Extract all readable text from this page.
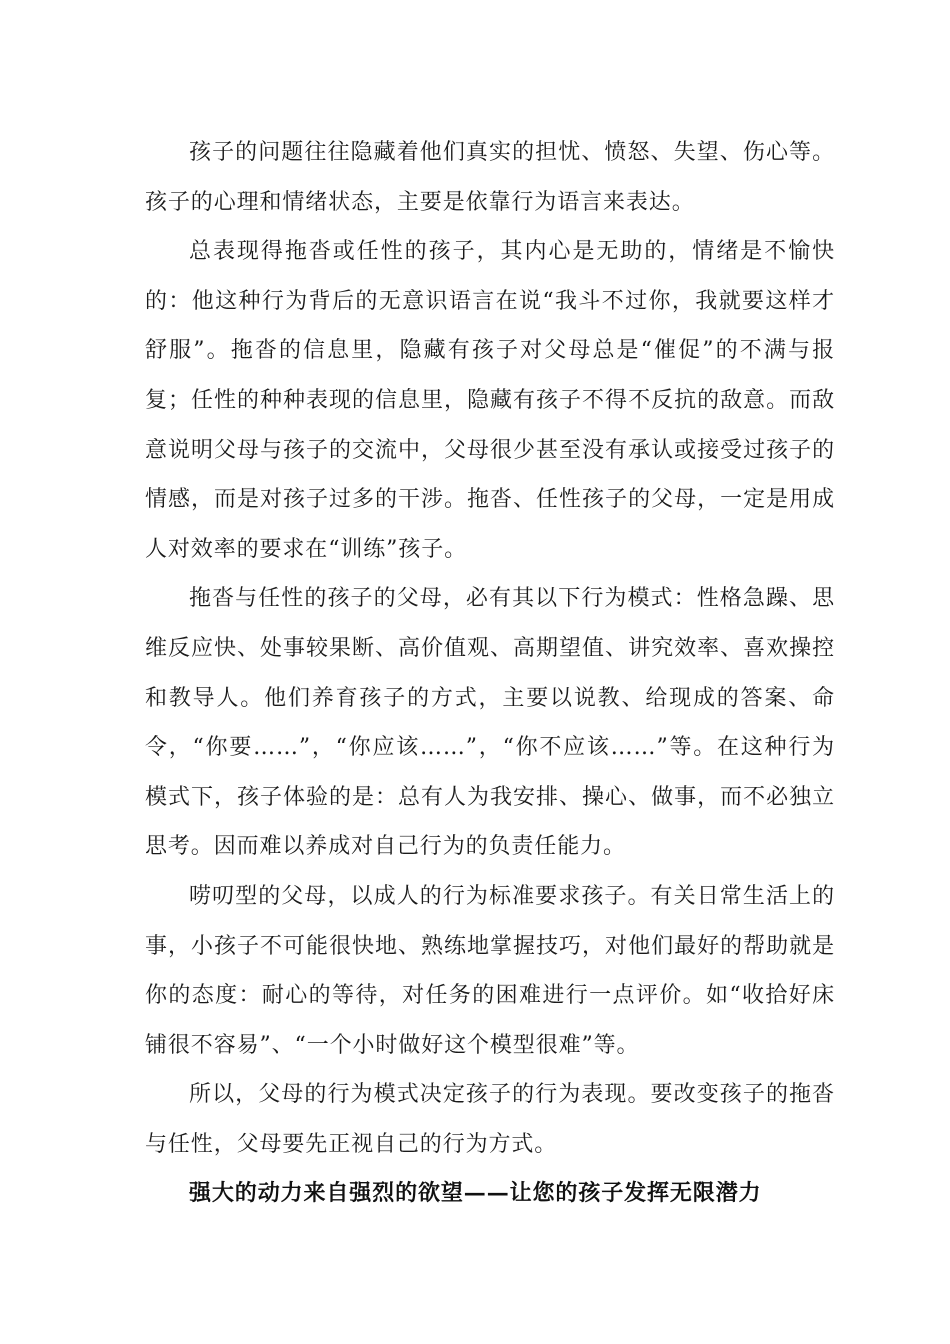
孩子的问题往往隐藏着他们真实的担忧、愤怒、失望、伤心等。孩子的心理和情绪状态，主要是依靠行为语言来表达。

总表现得拖沓或任性的孩子，其内心是无助的，情绪是不愉快的：他这种行为背后的无意识语言在说“我斗不过你，我就要这样才舒服”。拖沓的信息里，隐藏有孩子对父母总是“催促”的不满与报复；任性的种种表现的信息里，隐藏有孩子不得不反抗的敌意。而敌意说明父母与孩子的交流中，父母很少甚至没有承认或接受过孩子的情感，而是对孩子过多的干涉。拖沓、任性孩子的父母，一定是用成人对效率的要求在“训练”孩子。

拖沓与任性的孩子的父母，必有其以下行为模式：性格急躁、思维反应快、处事较果断、高价值观、高期望值、讲究效率、喜欢操控和教导人。他们养育孩子的方式，主要以说教、给现成的答案、命令，“你要……”，“你应该……”，“你不应该……”等。在这种行为模式下，孩子体验的是：总有人为我安排、操心、做事，而不必独立思考。因而难以养成对自己行为的负责任能力。

唠叨型的父母，以成人的行为标准要求孩子。有关日常生活上的事，小孩子不可能很快地、熟练地掌握技巧，对他们最好的帮助就是你的态度：耐心的等待，对任务的困难进行一点评价。如“收拾好床铺很不容易”、“一个小时做好这个模型很难”等。

所以，父母的行为模式决定孩子的行为表现。要改变孩子的拖沓与任性，父母要先正视自己的行为方式。

强大的动力来自强烈的欲望——让您的孩子发挥无限潜力
